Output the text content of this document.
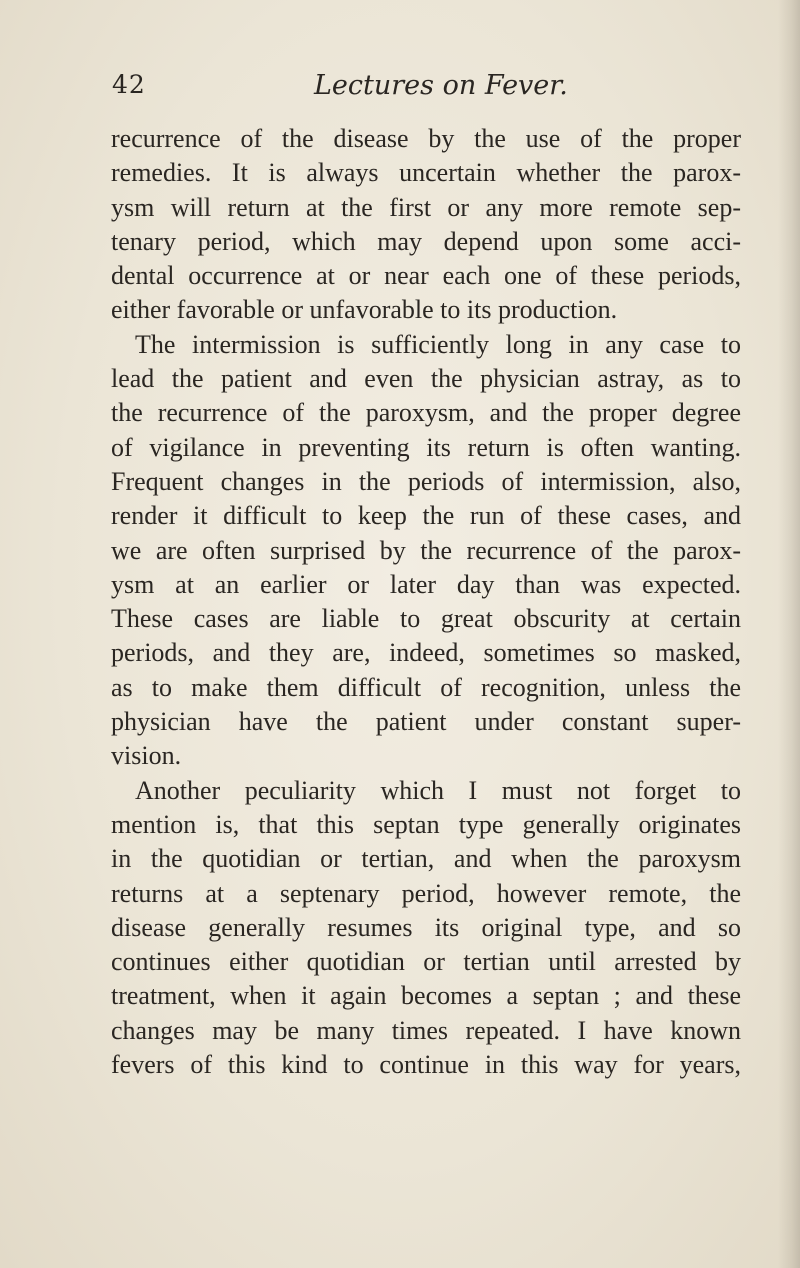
42	Lectures on Fever.
recurrence of the disease by the use of the proper
remedies. It is always uncertain whether the parox-
ysm will return at the first or any more remote sep-
tenary period, which may depend upon some acci-
dental occurrence at or near each one of these periods,
either favorable or unfavorable to its production.
The intermission is sufficiently long in any case to
lead the patient and even the physician astray, as to
the recurrence of the paroxysm, and the proper degree
of vigilance in preventing its return is often wanting.
Frequent changes in the periods of intermission, also,
render it difficult to keep the run of these cases, and
we are often surprised by the recurrence of the parox-
ysm at an earlier or later day than was expected.
These cases are liable to great obscurity at certain
periods, and they are, indeed, sometimes so masked,
as to make them difficult of recognition, unless the
physician have the patient under constant super-
vision.
Another peculiarity which I must not forget to
mention is, that this septan type generally originates
in the quotidian or tertian, and when the paroxysm
returns at a septenary period, however remote, the
disease generally resumes its original type, and so
continues either quotidian or tertian until arrested by
treatment, when it again becomes a septan ; and these
changes may be many times repeated. I have known
fevers of this kind to continue in this way for years,
